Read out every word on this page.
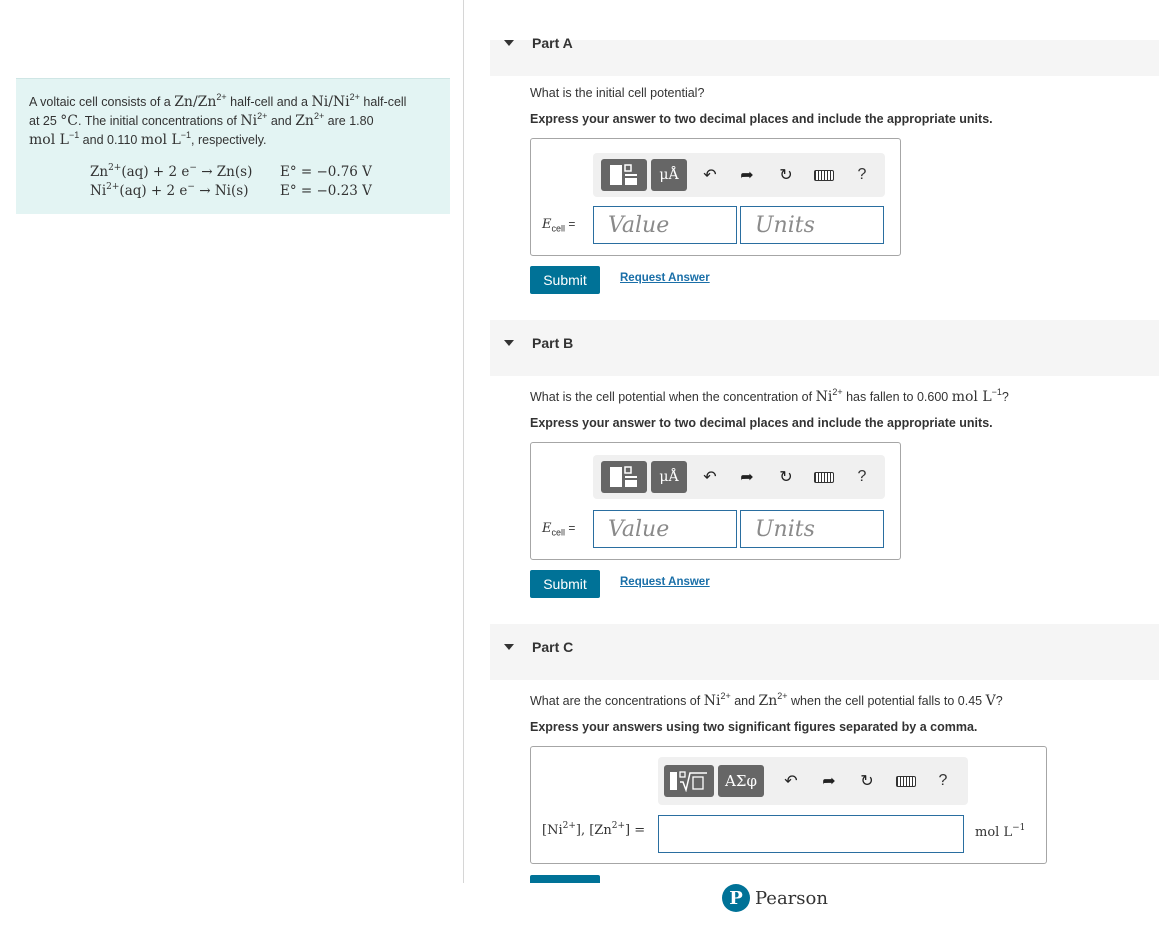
A voltaic cell consists of a $Zn/Zn^{2+}$ half-cell and a $Ni/Ni^{2+}$ half-cell
at 25 °C. The initial concentrations of $Ni^{2+}$ and $Zn^{2+}$ are 1.80
mol $L^{-1}$ and 0.110 mol $L^{-1}$, respectively.
$Zn^{2+}(aq) + 2$ e− → Zn(s) E° = −0.76 V
$Ni^{2+}(aq) + 2$ e− → Ni(s) E° = −0.23 V
Part A
What is the initial cell potential?
Express your answer to two decimal places and include the appropriate units.
μÅ	↶ ➦ ↻	?
$E_{cell}$ =	Value	Units
Submit	Request Answer
Part B
What is the cell potential when the concentration of $Ni^{2+}$ has fallen to 0.600 mol $L^{-1}$?
Express your answer to two decimal places and include the appropriate units.
μÅ	↶ ➦ ↻	?
$E_{cell}$ =	Value	Units
Submit	Request Answer
Part C
What are the concentrations of $Ni^{2+}$ and $Zn^{2+}$ when the cell potential falls to 0.45 V?
Express your answers using two significant figures separated by a comma.
ΑΣφ	↶ ➦ ↻	?
$[Ni^{2+}]$, $[Zn^{2+}]$ =	mol $L^{-1}$
P Pearson
